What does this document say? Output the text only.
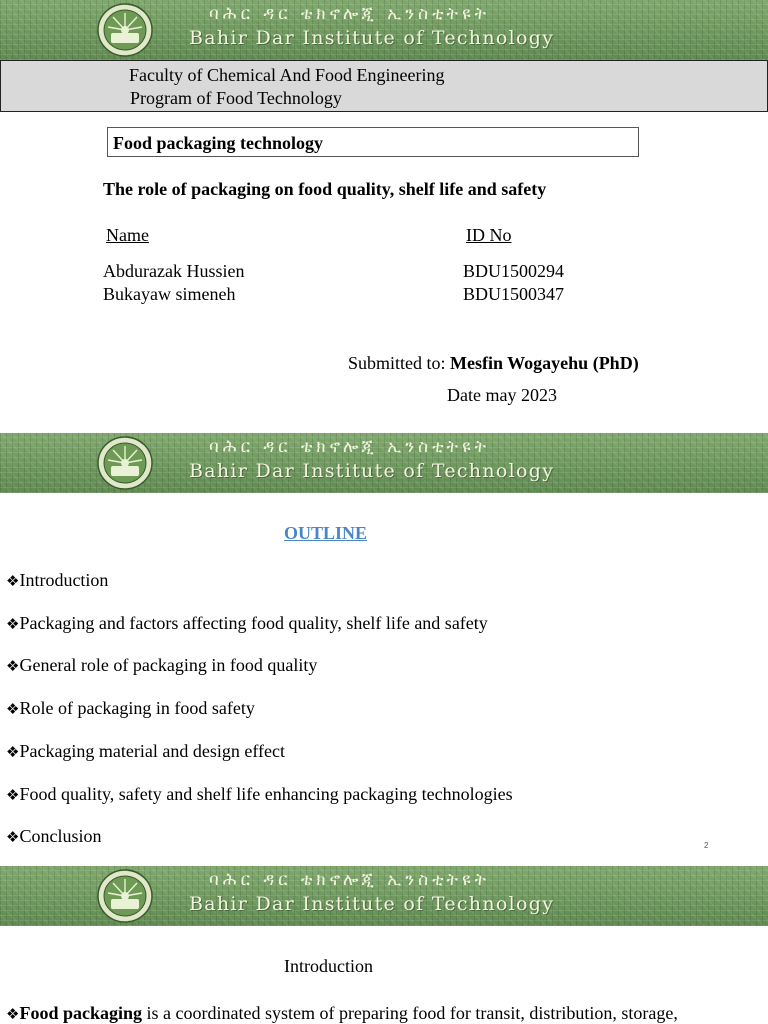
ባሕር ዳር ቴክኖሎጂ ኢንስቲትዩት
Bahir Dar Institute of Technology
Faculty of Chemical And Food Engineering
Program of Food Technology
Food packaging technology
The role of packaging on food quality, shelf life and safety
Name	ID No
Abdurazak Hussien	BDU1500294
Bukayaw simeneh	BDU1500347
Submitted to: Mesfin Wogayehu (PhD)
Date may 2023
ባሕር ዳር ቴክኖሎጂ ኢንስቲትዩት
Bahir Dar Institute of Technology
OUTLINE
❖Introduction
❖Packaging and factors affecting food quality, shelf life and safety
❖General role of packaging in food quality
❖Role of packaging in food safety
❖Packaging material and design effect
❖Food quality, safety and shelf life enhancing packaging technologies
❖Conclusion	2
ባሕር ዳር ቴክኖሎጂ ኢንስቲትዩት
Bahir Dar Institute of Technology
Introduction
❖Food packaging is a coordinated system of preparing food for transit, distribution, storage,
